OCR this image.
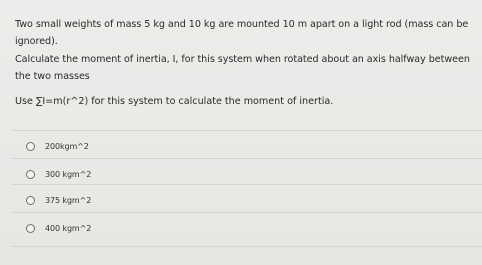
Two small weights of mass 5 kg and 10 kg are mounted 10 m apart on a light rod (mass can be

ignored).

Calculate the moment of inertia, I, for this system when rotated about an axis halfway between

the two masses

Use ∑I=m(r^2) for this system to calculate the moment of inertia.
200kgm^2
300 kgm^2
375 kgm^2
400 kgm^2
